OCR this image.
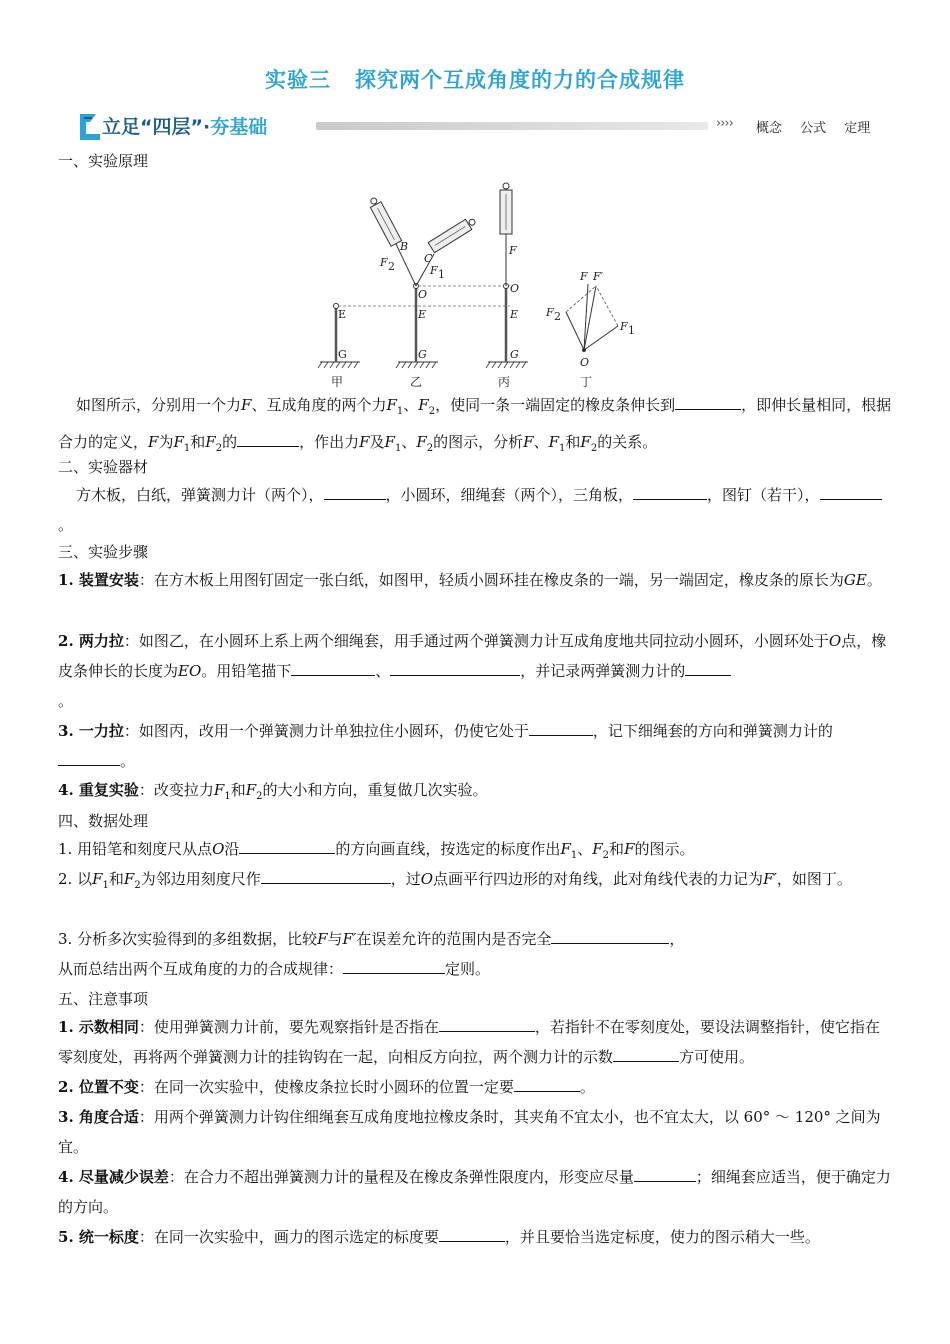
实验三 探究两个互成角度的力的合成规律
立足“四层”·夯基础	›››› 概念 公式 定理
一、实验原理
E
G
甲
B
C
F 2	F 1
O
E
G
乙
F
O
E
G
丙
F F′
F 2
F 1
O
丁
如图所示，分别用一个力F、互成角度的两个力$F_1$、$F_2$，使同一条一端固定的橡皮条伸长到	，即伸长量相同，根据合力的定义，F为$F_1$和$F_2$的	，作出力F及$F_1$、$F_2$的图示，分析F、$F_1$和$F_2$的关系。
二、实验器材
方木板，白纸，弹簧测力计（两个），	，小圆环，细绳套（两个），三角板，	，图钉（若干），。
三、实验步骤
1. 装置安装：在方木板上用图钉固定一张白纸，如图甲，轻质小圆环挂在橡皮条的一端，另一端固定，橡皮条的原长为GE。
2. 两力拉：如图乙，在小圆环上系上两个细绳套，用手通过两个弹簧测力计互成角度地共同拉动小圆环，小圆环处于O点，橡皮条伸长的长度为EO。用铅笔描下	、	，并记录两弹簧测力计的
。
3. 一力拉：如图丙，改用一个弹簧测力计单独拉住小圆环，仍使它处于	，记下细绳套的方向和弹簧测力计的。
4. 重复实验：改变拉力$F_1$和$F_2$的大小和方向，重复做几次实验。
四、数据处理
1. 用铅笔和刻度尺从点O沿	的方向画直线，按选定的标度作出$F_1$、$F_2$和F的图示。
2. 以$F_1$和$F_2$为邻边用刻度尺作	，过O点画平行四边形的对角线，此对角线代表的力记为F′，如图丁。
3. 分析多次实验得到的多组数据，比较F与F′在误差允许的范围内是否完全	，
从而总结出两个互成角度的力的合成规律：	定则。
五、注意事项
1. 示数相同：使用弹簧测力计前，要先观察指针是否指在	，若指针不在零刻度处，要设法调整指针，使它指在零刻度处，再将两个弹簧测力计的挂钩钩在一起，向相反方向拉，两个测力计的示数	方可使用。
2. 位置不变：在同一次实验中，使橡皮条拉长时小圆环的位置一定要	。
3. 角度合适：用两个弹簧测力计钩住细绳套互成角度地拉橡皮条时，其夹角不宜太小，也不宜太大，以 60° ～ 120° 之间为宜。
4. 尽量减少误差：在合力不超出弹簧测力计的量程及在橡皮条弹性限度内，形变应尽量	；细绳套应适当，便于确定力的方向。
5. 统一标度：在同一次实验中，画力的图示选定的标度要	，并且要恰当选定标度，使力的图示稍大一些。
